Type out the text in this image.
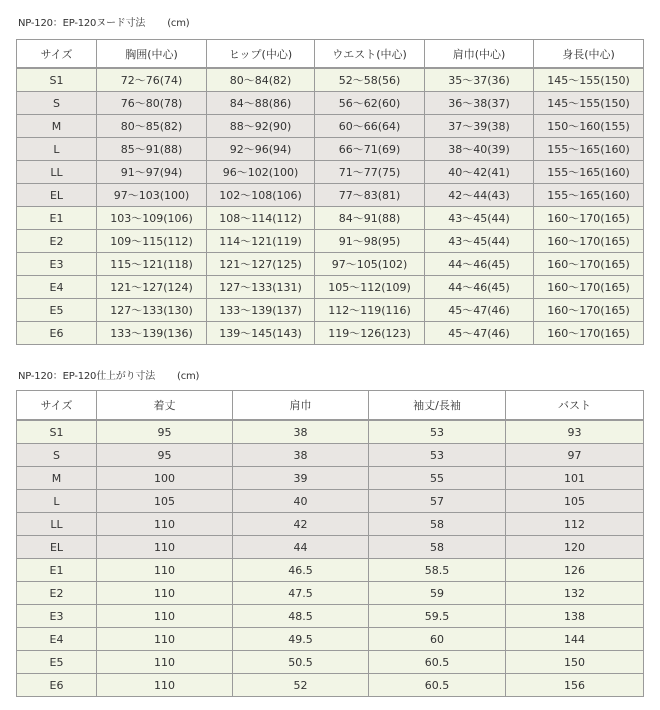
NP-120：EP-120ヌード寸法 (cm)
サイズ	胸囲(中心)	ヒップ(中心)	ウエスト(中心)	肩巾(中心)	身長(中心)
S1	72～76(74)	80～84(82)	52～58(56)	35～37(36)	145～155(150)
S	76～80(78)	84～88(86)	56～62(60)	36～38(37)	145～155(150)
M	80～85(82)	88～92(90)	60～66(64)	37～39(38)	150～160(155)
L	85～91(88)	92～96(94)	66～71(69)	38～40(39)	155～165(160)
LL	91～97(94)	96～102(100)	71～77(75)	40～42(41)	155～165(160)
EL	97～103(100)	102～108(106)	77～83(81)	42～44(43)	155～165(160)
E1	103～109(106)	108～114(112)	84～91(88)	43～45(44)	160～170(165)
E2	109～115(112)	114～121(119)	91～98(95)	43～45(44)	160～170(165)
E3	115～121(118)	121～127(125)	97～105(102)	44～46(45)	160～170(165)
E4	121～127(124)	127～133(131)	105～112(109)	44～46(45)	160～170(165)
E5	127～133(130)	133～139(137)	112～119(116)	45～47(46)	160～170(165)
E6	133～139(136)	139～145(143)	119～126(123)	45～47(46)	160～170(165)
NP-120：EP-120仕上がり寸法 (cm)
サイズ	着丈	肩巾	袖丈/長袖	バスト
S1	95	38	53	93
S	95	38	53	97
M	100	39	55	101
L	105	40	57	105
LL	110	42	58	112
EL	110	44	58	120
E1	110	46.5	58.5	126
E2	110	47.5	59	132
E3	110	48.5	59.5	138
E4	110	49.5	60	144
E5	110	50.5	60.5	150
E6	110	52	60.5	156
